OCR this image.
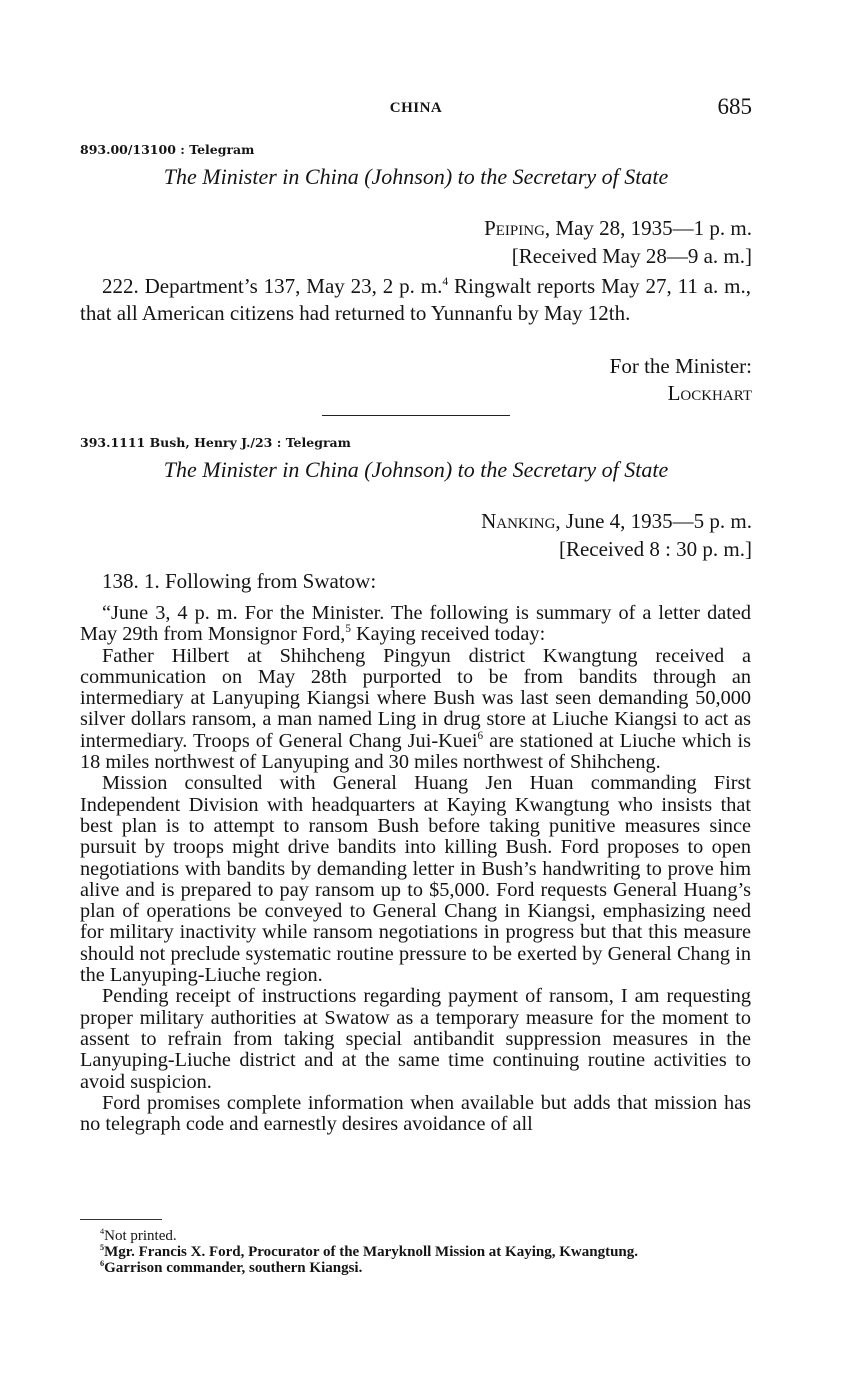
CHINA	685
893.00/13100 : Telegram
The Minister in China (Johnson) to the Secretary of State
Peiping, May 28, 1935—1 p. m.
[Received May 28—9 a. m.]

222. Department’s 137, May 23, 2 p. m.$^4$ Ringwalt reports May 27, 11 a. m., that all American citizens had returned to Yunnanfu by May 12th.

For the Minister:
Lockhart
393.1111 Bush, Henry J./23 : Telegram
The Minister in China (Johnson) to the Secretary of State
Nanking, June 4, 1935—5 p. m.
[Received 8 : 30 p. m.]

138. 1. Following from Swatow:

“June 3, 4 p. m. For the Minister. The following is summary of a letter dated May 29th from Monsignor Ford,$^5$ Kaying received today:

Father Hilbert at Shihcheng Pingyun district Kwangtung received a communication on May 28th purported to be from bandits through an intermediary at Lanyuping Kiangsi where Bush was last seen demanding 50,000 silver dollars ransom, a man named Ling in drug store at Liuche Kiangsi to act as intermediary. Troops of General Chang Jui-Kuei$^6$ are stationed at Liuche which is 18 miles northwest of Lanyuping and 30 miles northwest of Shihcheng.

Mission consulted with General Huang Jen Huan commanding First Independent Division with headquarters at Kaying Kwangtung who insists that best plan is to attempt to ransom Bush before taking punitive measures since pursuit by troops might drive bandits into killing Bush. Ford proposes to open negotiations with bandits by demanding letter in Bush’s handwriting to prove him alive and is prepared to pay ransom up to $5,000. Ford requests General Huang’s plan of operations be conveyed to General Chang in Kiangsi, emphasizing need for military inactivity while ransom negotiations in progress but that this measure should not preclude systematic routine pressure to be exerted by General Chang in the Lanyuping-Liuche region.

Pending receipt of instructions regarding payment of ransom, I am requesting proper military authorities at Swatow as a temporary measure for the moment to assent to refrain from taking special antibandit suppression measures in the Lanyuping-Liuche district and at the same time continuing routine activities to avoid suspicion.

Ford promises complete information when available but adds that mission has no telegraph code and earnestly desires avoidance of all

$^4$Not printed.

$^5$Mgr. Francis X. Ford, Procurator of the Maryknoll Mission at Kaying, Kwangtung.

$^6$Garrison commander, southern Kiangsi.
